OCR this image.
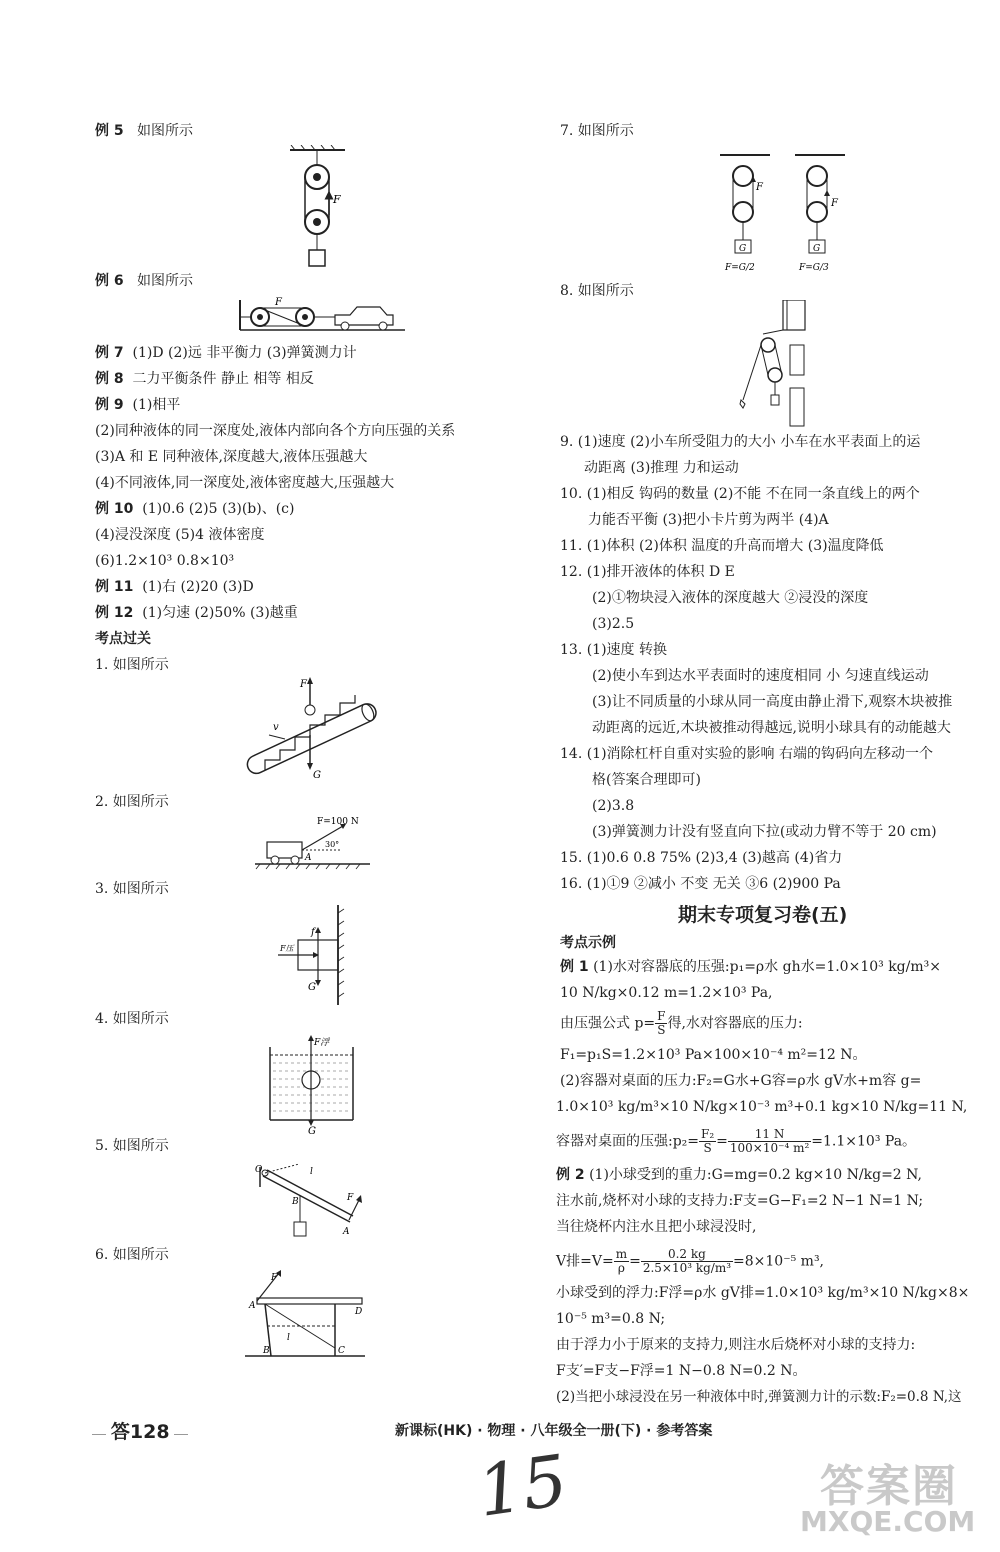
例 5 如图所示
F
例 6 如图所示
F
例 7 (1)D (2)远 非平衡力 (3)弹簧测力计
例 8 二力平衡条件 静止 相等 相反
例 9 (1)相平
(2)同种液体的同一深度处,液体内部向各个方向压强的关系
(3)A 和 E 同种液体,深度越大,液体压强越大
(4)不同液体,同一深度处,液体密度越大,压强越大
例 10 (1)0.6 (2)5 (3)(b)、(c)
(4)浸没深度 (5)4 液体密度
(6)1.2×10³ 0.8×10³
例 11 (1)右 (2)20 (3)D
例 12 (1)匀速 (2)50% (3)越重
考点过关
1. 如图所示
F
v
G
2. 如图所示
F=100 N
30°
A
3. 如图所示
f
F压
G
4. 如图所示
F浮
G
5. 如图所示
O	l
B
A
F
6. 如图所示
F
A
D
l
B	C
7. 如图所示
F
G
F=G/2
F
G
F=G/3
8. 如图所示
9. (1)速度 (2)小车所受阻力的大小 小车在水平表面上的运
动距离 (3)推理 力和运动
10. (1)相反 钩码的数量 (2)不能 不在同一条直线上的两个
力能否平衡 (3)把小卡片剪为两半 (4)A
11. (1)体积 (2)体积 温度的升高而增大 (3)温度降低
12. (1)排开液体的体积 D E
(2)①物块浸入液体的深度越大 ②浸没的深度
(3)2.5
13. (1)速度 转换
(2)使小车到达水平表面时的速度相同 小 匀速直线运动
(3)让不同质量的小球从同一高度由静止滑下,观察木块被推
动距离的远近,木块被推动得越远,说明小球具有的动能越大
14. (1)消除杠杆自重对实验的影响 右端的钩码向左移动一个
格(答案合理即可)
(2)3.8
(3)弹簧测力计没有竖直向下拉(或动力臂不等于 20 cm)
15. (1)0.6 0.8 75% (2)3,4 (3)越高 (4)省力
16. (1)①9 ②减小 不变 无关 ③6 (2)900 Pa
期末专项复习卷(五)
考点示例
例 1 (1)水对容器底的压强:p₁=ρ水 gh水=1.0×10³ kg/m³×
10 N/kg×0.12 m=1.2×10³ Pa,
由压强公式 $p= \frac{F}{S}$ 得,水对容器底的压力:
F₁=p₁S=1.2×10³ Pa×100×10⁻⁴ m²=12 N。
(2)容器对桌面的压力:F₂=G水+G容=ρ水 gV水+m容 g=
1.0×10³ kg/m³×10 N/kg×10⁻³ m³+0.1 kg×10 N/kg=11 N,
容器对桌面的压强:p₂= $\frac{\text{F₂}}{S} = \frac{11 N}{\text{100×10⁻⁴ m²}} =1.1\times 10^3$ Pa。
例 2 (1)小球受到的重力:G=mg=0.2 kg×10 N/kg=2 N,
注水前,烧杯对小球的支持力:F支=G−F₁=2 N−1 N=1 N;
当往烧杯内注水且把小球浸没时,
V排$=V= \frac{m}{\rho} = \frac{0.2 kg}{\text{2.5×10³ kg/m³}} =8\times 10^{-5}$ m³,
小球受到的浮力:F浮=ρ水 gV排=1.0×10³ kg/m³×10 N/kg×8×
10⁻⁵ m³=0.8 N;
由于浮力小于原来的支持力,则注水后烧杯对小球的支持力:
F支′=F支−F浮=1 N−0.8 N=0.2 N。
(2)当把小球浸没在另一种液体中时,弹簧测力计的示数:F₂=0.8 N,这
答128	新课标(HK) · 物理 · 八年级全一册(下) · 参考答案
15	答案圈
MXQE.COM
